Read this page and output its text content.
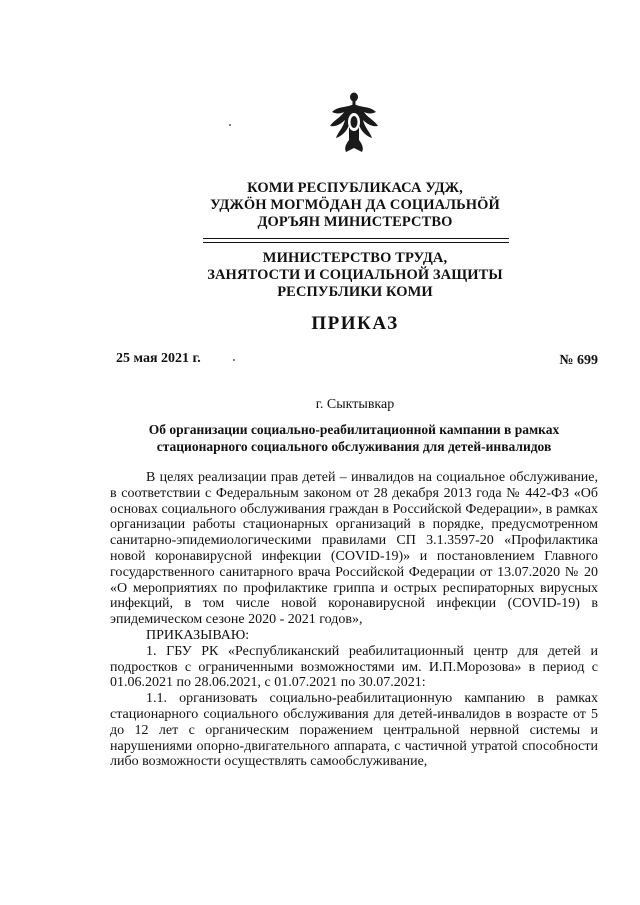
КОМИ РЕСПУБЛИКАСА УДЖ,
УДЖӦН МОГМӦДАН ДА СОЦИАЛЬНӦЙ
ДОРЪЯН МИНИСТЕРСТВО
МИНИСТЕРСТВО ТРУДА,
ЗАНЯТОСТИ И СОЦИАЛЬНОЙ ЗАЩИТЫ
РЕСПУБЛИКИ КОМИ
ПРИКАЗ
25 мая 2021 г.	№ 699
г. Сыктывкар
Об организации социально-реабилитационной кампании в рамках
стационарного социального обслуживания для детей-инвалидов

В целях реализации прав детей – инвалидов на социальное обслуживание, в соответствии с Федеральным законом от 28 декабря 2013 года № 442-ФЗ «Об основах социального обслуживания граждан в Российской Федерации», в рамках организации работы стационарных организаций в порядке, предусмотренном санитарно-эпидемиологическими правилами СП 3.1.3597-20 «Профилактика новой коронавирусной инфекции (COVID-19)» и постановлением Главного государственного санитарного врача Российской Федерации от 13.07.2020 № 20 «О мероприятиях по профилактике гриппа и острых респираторных вирусных инфекций, в том числе новой коронавирусной инфекции (COVID-19) в эпидемическом сезоне 2020 - 2021 годов»,

ПРИКАЗЫВАЮ:

1. ГБУ РК «Республиканский реабилитационный центр для детей и подростков с ограниченными возможностями им. И.П.Морозова» в период с 01.06.2021 по 28.06.2021, с 01.07.2021 по 30.07.2021:

1.1. организовать социально-реабилитационную кампанию в рамках стационарного социального обслуживания для детей-инвалидов в возрасте от 5 до 12 лет с органическим поражением центральной нервной системы и нарушениями опорно-двигательного аппарата, с частичной утратой способности либо возможности осуществлять самообслуживание,
